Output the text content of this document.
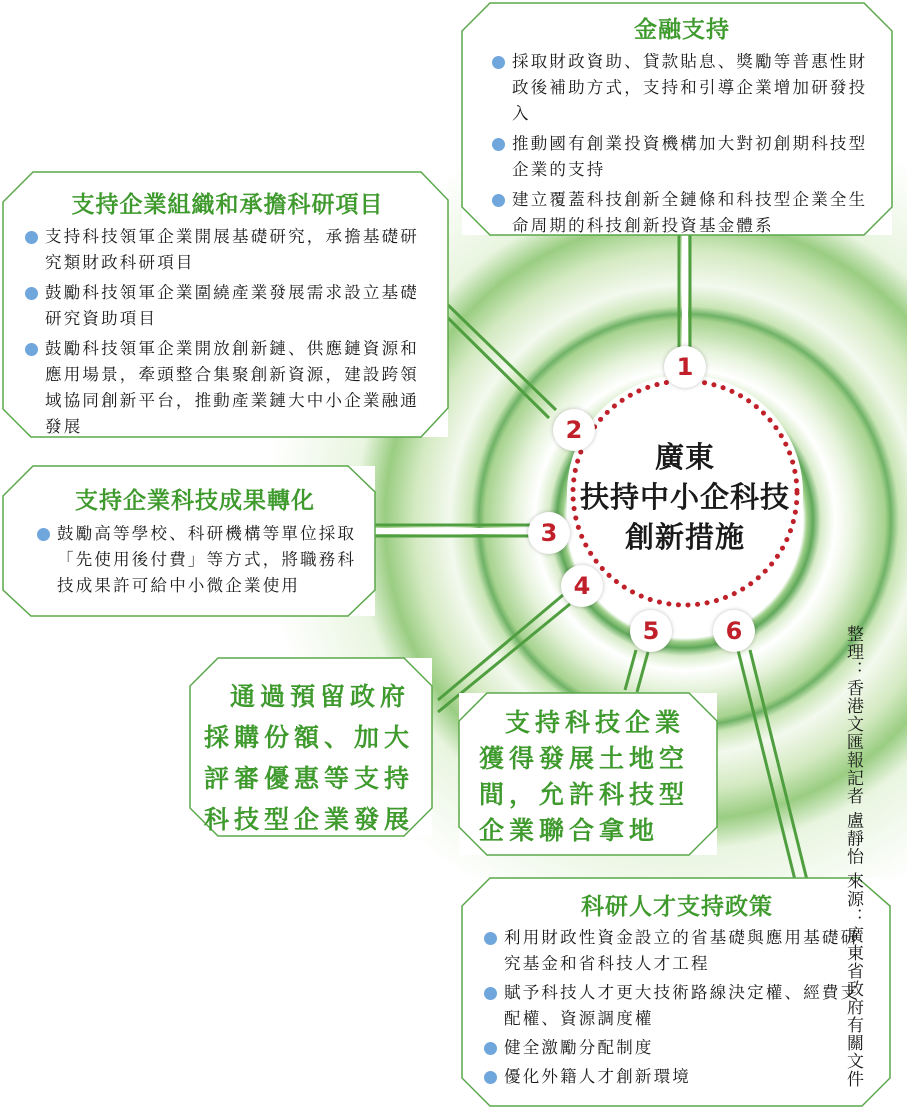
金融支持
採取財政資助、貸款貼息、獎勵等普惠性財政後補助方式，支持和引導企業增加研發投入
推動國有創業投資機構加大對初創期科技型企業的支持
建立覆蓋科技創新全鏈條和科技型企業全生命周期的科技創新投資基金體系
支持企業組織和承擔科研項目
支持科技領軍企業開展基礎研究，承擔基礎研究類財政科研項目
鼓勵科技領軍企業圍繞產業發展需求設立基礎研究資助項目
鼓勵科技領軍企業開放創新鏈、供應鏈資源和應用場景，牽頭整合集聚創新資源，建設跨領域協同創新平台，推動產業鏈大中小企業融通發展
支持企業科技成果轉化
鼓勵高等學校、科研機構等單位採取「先使用後付費」等方式，將職務科技成果許可給中小微企業使用
通過預留政府採購份額、加大評審優惠等支持科技型企業發展
支持科技企業獲得發展土地空間，允許科技型企業聯合拿地
科研人才支持政策
利用財政性資金設立的省基礎與應用基礎研究基金和省科技人才工程
賦予科技人才更大技術路線決定權、經費支配權、資源調度權
健全激勵分配制度
優化外籍人才創新環境
廣東
扶持中小企科技
創新措施
1
2
3
4
5	6	整理：香港文匯報記者 盧靜怡 來源：廣東省政府有關文件
